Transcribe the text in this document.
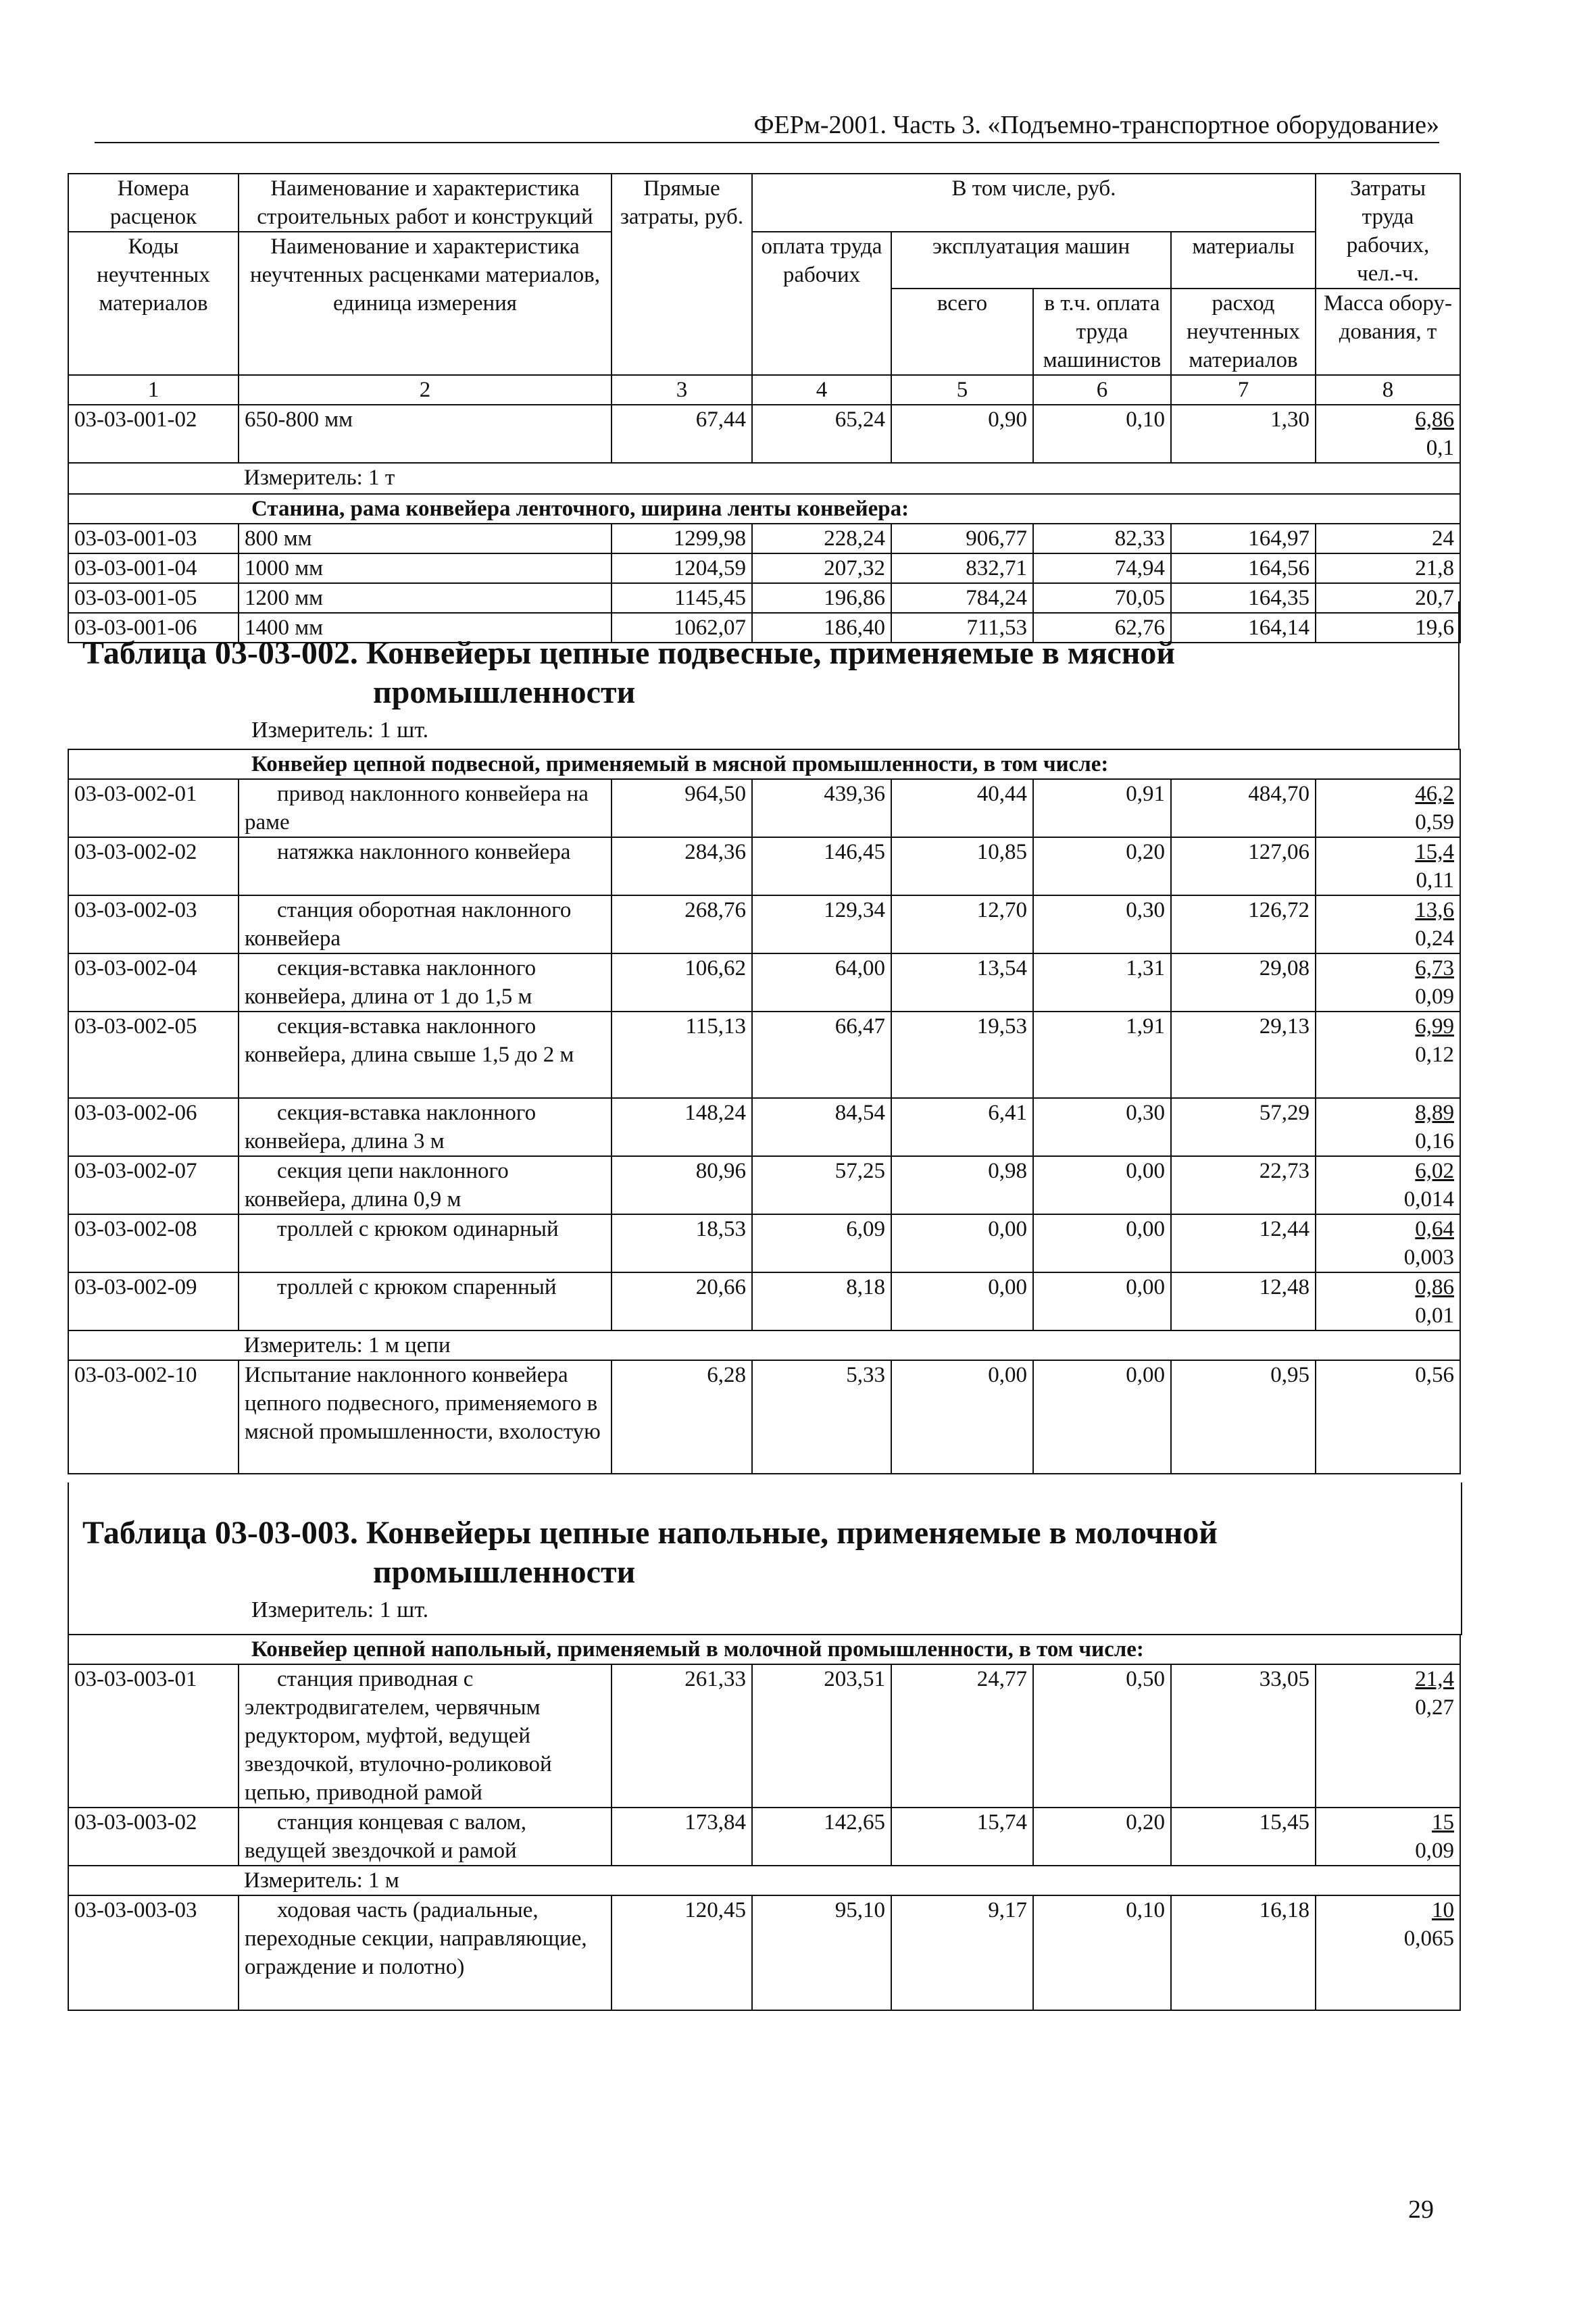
ФЕРм-2001. Часть 3. «Подъемно-транспортное оборудование»
Номера расценок	Наименование и характеристика строительных работ и конструкций	Прямые затраты, руб.	В том числе, руб.				Затраты труда рабочих, чел.-ч.
Коды неучтенных материалов	Наименование и характеристика неучтенных расценками материалов, единица измерения		оплата труда рабочих	эксплуатация машин		материалы	
				всего	в т.ч. оплата труда машинистов	расход неучтенных материалов	Масса обору-дования, т
1	2	3	4	5	6	7	8
03-03-001-02	650-800 мм	67,44	65,24	0,90	0,10	1,30	6,86
0,1
	Измеритель: 1 т						
Станина, рама конвейера ленточного, ширина ленты конвейера:							
03-03-001-03	800 мм	1299,98	228,24	906,77	82,33	164,97	24
03-03-001-04	1000 мм	1204,59	207,32	832,71	74,94	164,56	21,8
03-03-001-05	1200 мм	1145,45	196,86	784,24	70,05	164,35	20,7
03-03-001-06	1400 мм	1062,07	186,40	711,53	62,76	164,14	19,6
Таблица 03-03-002. Конвейеры цепные подвесные, применяемые в мясной
промышленности
Измеритель: 1 шт.
Конвейер цепной подвесной, применяемый в мясной промышленности, в том числе:							
03-03-002-01	привод наклонного конвейера на раме	964,50	439,36	40,44	0,91	484,70	46,2
0,59
03-03-002-02	натяжка наклонного конвейера	284,36	146,45	10,85	0,20	127,06	15,4
0,11
03-03-002-03	станция оборотная наклонного конвейера	268,76	129,34	12,70	0,30	126,72	13,6
0,24
03-03-002-04	секция-вставка наклонного конвейера, длина от 1 до 1,5 м	106,62	64,00	13,54	1,31	29,08	6,73
0,09
03-03-002-05	секция-вставка наклонного конвейера, длина свыше 1,5 до 2 м	115,13	66,47	19,53	1,91	29,13	6,99
0,12
03-03-002-06	секция-вставка наклонного конвейера, длина 3 м	148,24	84,54	6,41	0,30	57,29	8,89
0,16
03-03-002-07	секция цепи наклонного конвейера, длина 0,9 м	80,96	57,25	0,98	0,00	22,73	6,02
0,014
03-03-002-08	троллей с крюком одинарный	18,53	6,09	0,00	0,00	12,44	0,64
0,003
03-03-002-09	троллей с крюком спаренный	20,66	8,18	0,00	0,00	12,48	0,86
0,01
	Измеритель: 1 м цепи						
03-03-002-10	Испытание наклонного конвейера цепного подвесного, применяемого в мясной промышленности, вхолостую	6,28	5,33	0,00	0,00	0,95	0,56
Таблица 03-03-003. Конвейеры цепные напольные, применяемые в молочной
промышленности
Измеритель: 1 шт.
Конвейер цепной напольный, применяемый в молочной промышленности, в том числе:							
03-03-003-01	станция приводная с электродвигателем, червячным редуктором, муфтой, ведущей звездочкой, втулочно-роликовой цепью, приводной рамой	261,33	203,51	24,77	0,50	33,05	21,4
0,27
03-03-003-02	станция концевая с валом, ведущей звездочкой и рамой	173,84	142,65	15,74	0,20	15,45	15
0,09
	Измеритель: 1 м						
03-03-003-03	ходовая часть (радиальные, переходные секции, направляющие, ограждение и полотно)	120,45	95,10	9,17	0,10	16,18	10
0,065
29
